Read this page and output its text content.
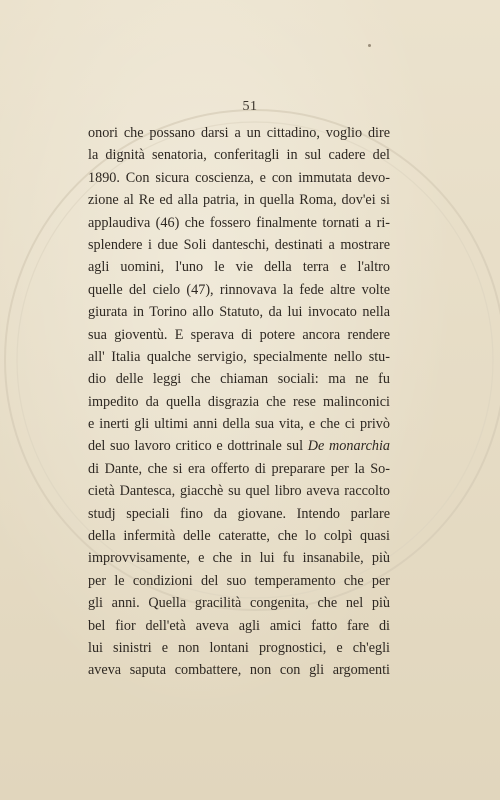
51
onori che possano darsi a un cittadino, voglio dire
la dignità senatoria, conferitagli in sul cadere del
1890. Con sicura coscienza, e con immutata devo-
zione al Re ed alla patria, in quella Roma, dov'ei si
applaudiva (46) che fossero finalmente tornati a ri-
splendere i due Soli danteschi, destinati a mostrare
agli uomini, l'uno le vie della terra e l'altro
quelle del cielo (47), rinnovava la fede altre volte
giurata in Torino allo Statuto, da lui invocato nella
sua gioventù. E sperava di potere ancora rendere
all' Italia qualche servigio, specialmente nello stu-
dio delle leggi che chiaman sociali: ma ne fu
impedito da quella disgrazia che rese malinconici
e inerti gli ultimi anni della sua vita, e che ci privò
del suo lavoro critico e dottrinale sul De monarchia
di Dante, che si era offerto di preparare per la So-
cietà Dantesca, giacchè su quel libro aveva raccolto
studj speciali fino da giovane. Intendo parlare
della infermità delle cateratte, che lo colpì quasi
improvvisamente, e che in lui fu insanabile, più
per le condizioni del suo temperamento che per
gli anni. Quella gracilità congenita, che nel più
bel fior dell'età aveva agli amici fatto fare di
lui sinistri e non lontani prognostici, e ch'egli
aveva saputa combattere, non con gli argomenti
